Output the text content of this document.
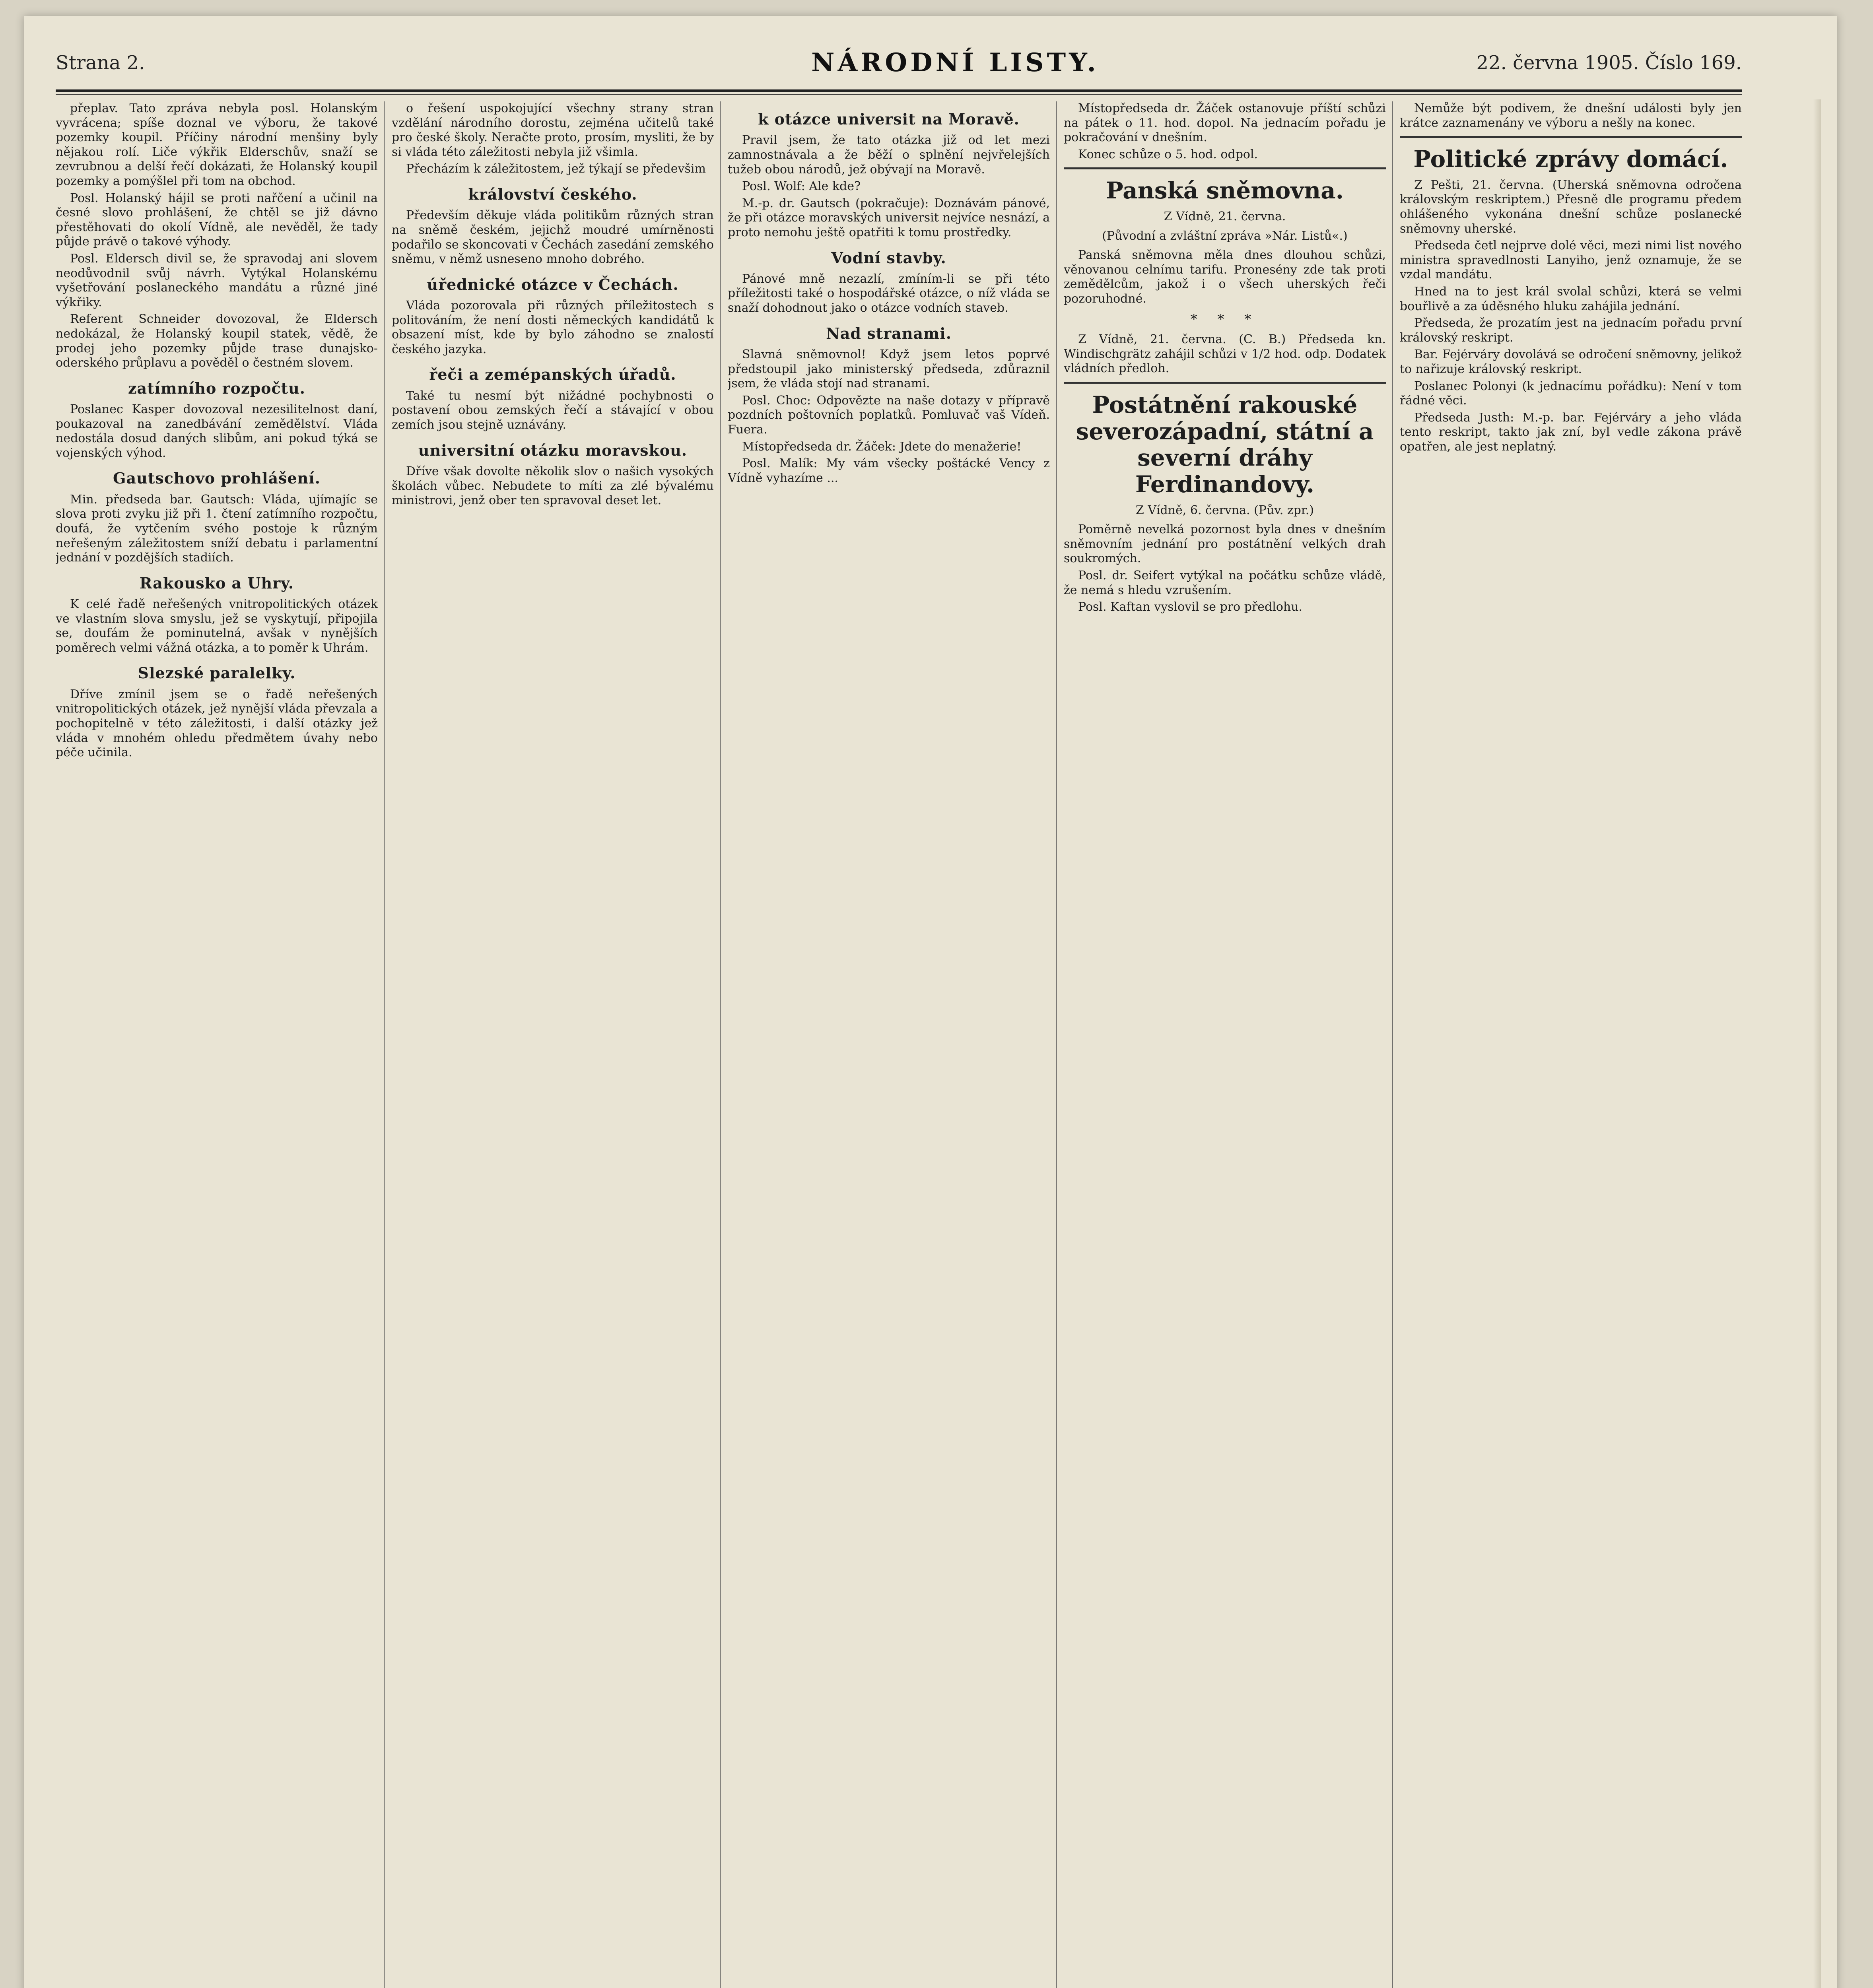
Strana 2.	NÁRODNÍ LISTY.	22. června 1905. Číslo 169.

přeplav. Tato zpráva nebyla posl. Holanským vyvrácena; spíše doznal ve výboru, že takové pozemky koupil. Příčiny národní menšiny byly nějakou rolí. Liče výkřik Elderschův, snaží se zevrubnou a delší řečí dokázati, že Holanský koupil pozemky a pomýšlel při tom na obchod.

Posl. Holanský hájil se proti nařčení a učinil na česné slovo prohlášení, že chtěl se již dávno přestěhovati do okolí Vídně, ale nevěděl, že tady půjde právě o takové výhody.

Posl. Eldersch divil se, že spravodaj ani slovem neodůvodnil svůj návrh. Vytýkal Holanskému vyšetřování poslaneckého mandátu a různé jiné výkřiky.

Referent Schneider dovozoval, že Eldersch nedokázal, že Holanský koupil statek, vědě, že prodej jeho pozemky půjde trase dunajsko-oderského průplavu a pověděl o čestném slovem.

zatímního rozpočtu.

Poslanec Kasper dovozoval nezesilitelnost daní, poukazoval na zanedbávání zemědělství. Vláda nedostála dosud daných slibům, ani pokud týká se vojenských výhod.

Gautschovo prohlášení.

Min. předseda bar. Gautsch: Vláda, ujímajíc se slova proti zvyku již při 1. čtení zatímního rozpočtu, doufá, že vytčením svého postoje k různým neřešeným záležitostem sníží debatu i parlamentní jednání v pozdějších stadiích.

Rakousko a Uhry.

K celé řadě neřešených vnitropolitických otázek ve vlastním slova smyslu, jež se vyskytují, připojila se, doufám že pominutelná, avšak v nynějších poměrech velmi vážná otázka, a to poměr k Uhrám.

Slezské paralelky.

Dříve zmínil jsem se o řadě neřešených vnitropolitických otázek, jež nynější vláda převzala a pochopitelně v této záležitosti, i další otázky jež vláda v mnohém ohledu předmětem úvahy nebo péče učinila.

o řešení uspokojující všechny strany stran vzdělání národního dorostu, zejména učitelů také pro české školy. Neračte proto, prosím, mysliti, že by si vláda této záležitosti nebyla již všimla.

Přecházím k záležitostem, jež týkají se předevšim

království českého.

Především děkuje vláda politikům různých stran na sněmě českém, jejichž moudré umírněnosti podařilo se skoncovati v Čechách zasedání zemského sněmu, v němž usneseno mnoho dobrého.

úřednické otázce v Čechách.

Vláda pozorovala při různých příležitostech s politováním, že není dosti německých kandidátů k obsazení míst, kde by bylo záhodno se znalostí českého jazyka.

řeči a zemépanských úřadů.

Také tu nesmí být nižádné pochybnosti o postavení obou zemských řečí a stávající v obou zemích jsou stejně uznávány.

universitní otázku moravskou.

Dříve však dovolte několik slov o našich vysokých školách vůbec. Nebudete to míti za zlé bývalému ministrovi, jenž ober ten spravoval deset let.

k otázce universit na Moravě.

Pravil jsem, že tato otázka již od let mezi zamnostnávala a že běží o splnění nejvřelejších tužeb obou národů, jež obývají na Moravě.

Posl. Wolf: Ale kde?

M.-p. dr. Gautsch (pokračuje): Doznávám pánové, že při otázce moravských universit nejvíce nesnází, a proto nemohu ještě opatřiti k tomu prostředky.

Vodní stavby.

Pánové mně nezazlí, zmíním-li se při této příležitosti také o hospodářské otázce, o níž vláda se snaží dohodnout jako o otázce vodních staveb.

Nad stranami.

Slavná sněmovnol! Když jsem letos poprvé předstoupil jako ministerský předseda, zdůraznil jsem, že vláda stojí nad stranami.

Posl. Choc: Odpovězte na naše dotazy v přípravě pozdních poštovních poplatků. Pomluvač vaš Vídeň. Fuera.

Místopředseda dr. Žáček: Jdete do menažerie!

Posl. Malík: My vám všecky poštácké Vency z Vídně vyhazíme ...

Místopředseda dr. Žáček ostanovuje příští schůzi na pátek o 11. hod. dopol. Na jednacím pořadu je pokračování v dnešním.

Konec schůze o 5. hod. odpol.

Panská sněmovna.
Z Vídně, 21. června.
(Původní a zvláštní zpráva »Nár. Listů«.)

Panská sněmovna měla dnes dlouhou schůzi, věnovanou celnímu tarifu. Pronesény zde tak proti zemědělcům, jakož i o všech uherských řeči pozoruhodné.

* * *

Z Vídně, 21. června. (C. B.) Předseda kn. Windischgrätz zahájil schůzi v 1/2 hod. odp. Dodatek vládních předloh.

Postátnění rakouské severozápadní, státní a severní dráhy Ferdinandovy.
Z Vídně, 6. června. (Pův. zpr.)

Poměrně nevelká pozornost byla dnes v dnešním sněmovním jednání pro postátnění velkých drah soukromých.

Posl. dr. Seifert vytýkal na počátku schůze vládě, že nemá s hledu vzrušením.

Posl. Kaftan vyslovil se pro předlohu.

Nemůže být podivem, že dnešní události byly jen krátce zaznamenány ve výboru a nešly na konec.

Politické zprávy domácí.

Z Pešti, 21. června. (Uherská sněmovna odročena královským reskriptem.) Přesně dle programu předem ohlášeného vykonána dnešní schůze poslanecké sněmovny uherské.

Předseda četl nejprve dolé věci, mezi nimi list nového ministra spravedlnosti Lanyiho, jenž oznamuje, že se vzdal mandátu.

Hned na to jest král svolal schůzi, která se velmi bouřlivě a za úděsného hluku zahájila jednání.

Předseda, že prozatím jest na jednacím pořadu první královský reskript.

Bar. Fejérváry dovolává se odročení sněmovny, jelikož to nařizuje královský reskript.

Poslanec Polonyi (k jednacímu pořádku): Není v tom řádné věci.

Předseda Justh: M.-p. bar. Fejérváry a jeho vláda tento reskript, takto jak zní, byl vedle zákona právě opatřen, ale jest neplatný.
